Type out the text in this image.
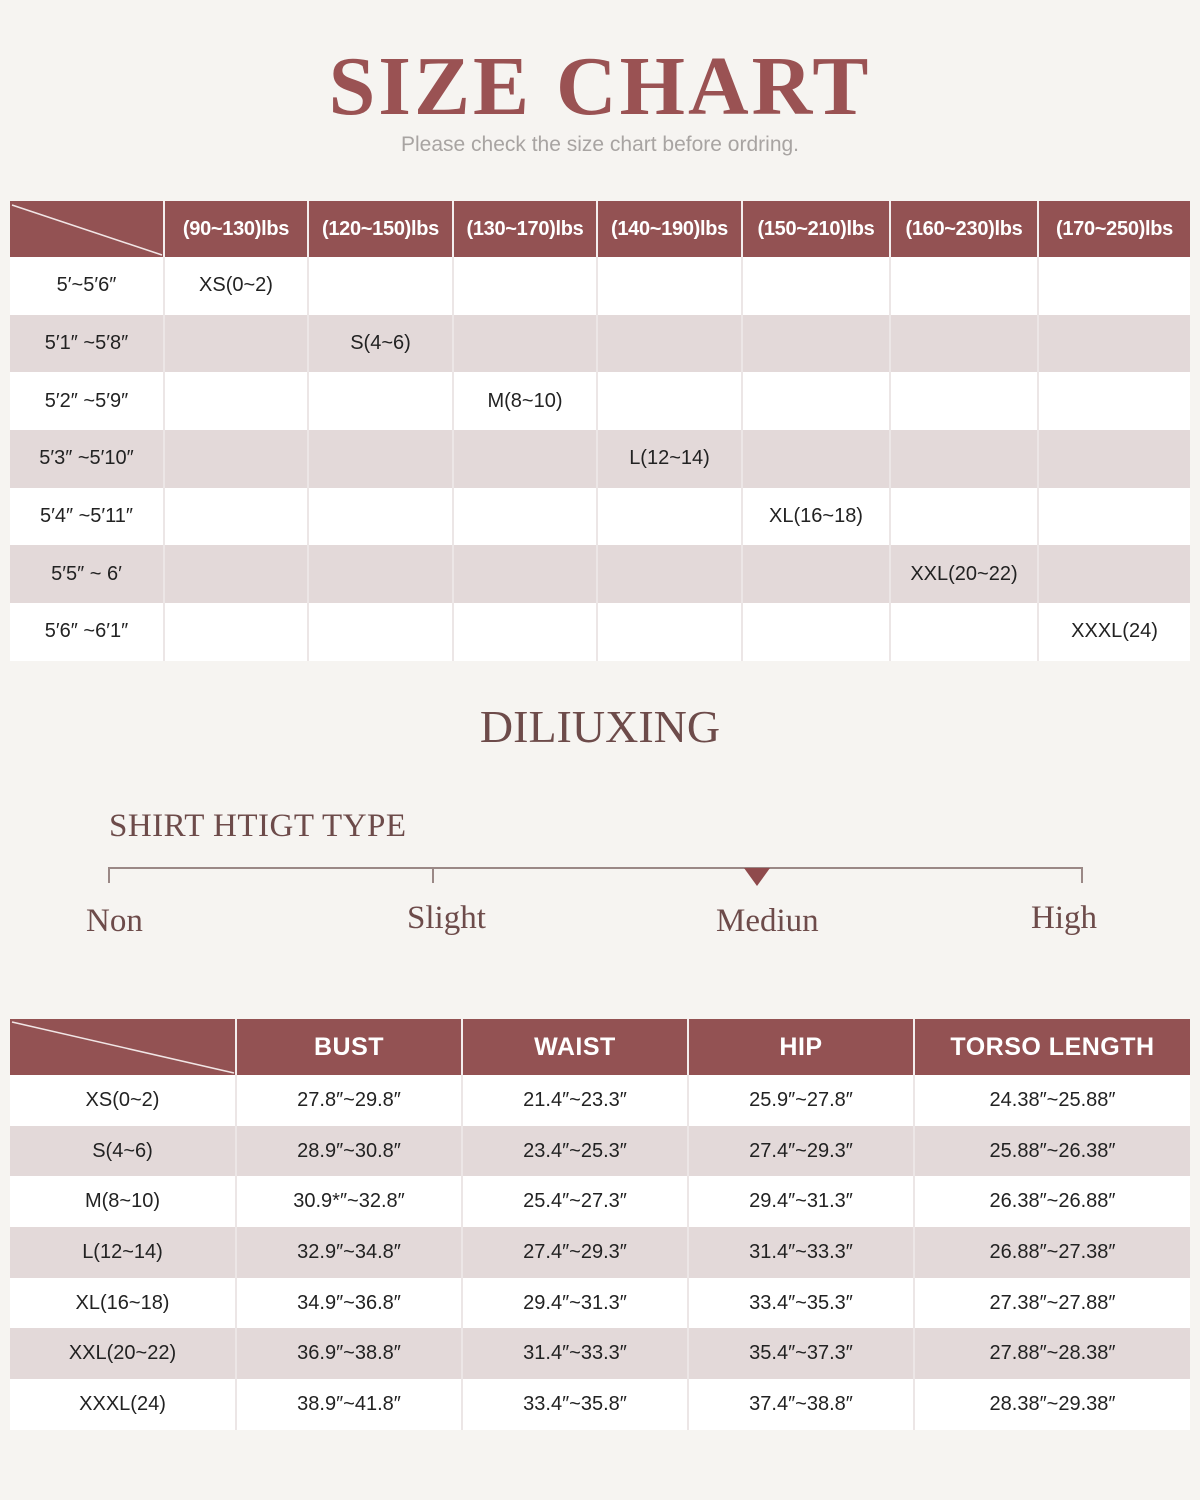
SIZE CHART
Please check the size chart before ordring.
	(90~130)lbs	(120~150)lbs	(130~170)lbs	(140~190)lbs	(150~210)lbs	(160~230)lbs	(170~250)lbs
5′~5′6″	XS(0~2)						
5′1″ ~5′8″		S(4~6)					
5′2″ ~5′9″			M(8~10)				
5′3″ ~5′10″				L(12~14)			
5′4″ ~5′11″					XL(16~18)		
5′5″ ~ 6′						XXL(20~22)	
5′6″ ~6′1″							XXXL(24)
DILIUXING
SHIRT HTIGT TYPE
Non	Slight	Mediun	High
	BUST	WAIST	HIP	TORSO LENGTH
XS(0~2)	27.8″~29.8″	21.4″~23.3″	25.9″~27.8″	24.38″~25.88″
S(4~6)	28.9″~30.8″	23.4″~25.3″	27.4″~29.3″	25.88″~26.38″
M(8~10)	30.9*″~32.8″	25.4″~27.3″	29.4″~31.3″	26.38″~26.88″
L(12~14)	32.9″~34.8″	27.4″~29.3″	31.4″~33.3″	26.88″~27.38″
XL(16~18)	34.9″~36.8″	29.4″~31.3″	33.4″~35.3″	27.38″~27.88″
XXL(20~22)	36.9″~38.8″	31.4″~33.3″	35.4″~37.3″	27.88″~28.38″
XXXL(24)	38.9″~41.8″	33.4″~35.8″	37.4″~38.8″	28.38″~29.38″
